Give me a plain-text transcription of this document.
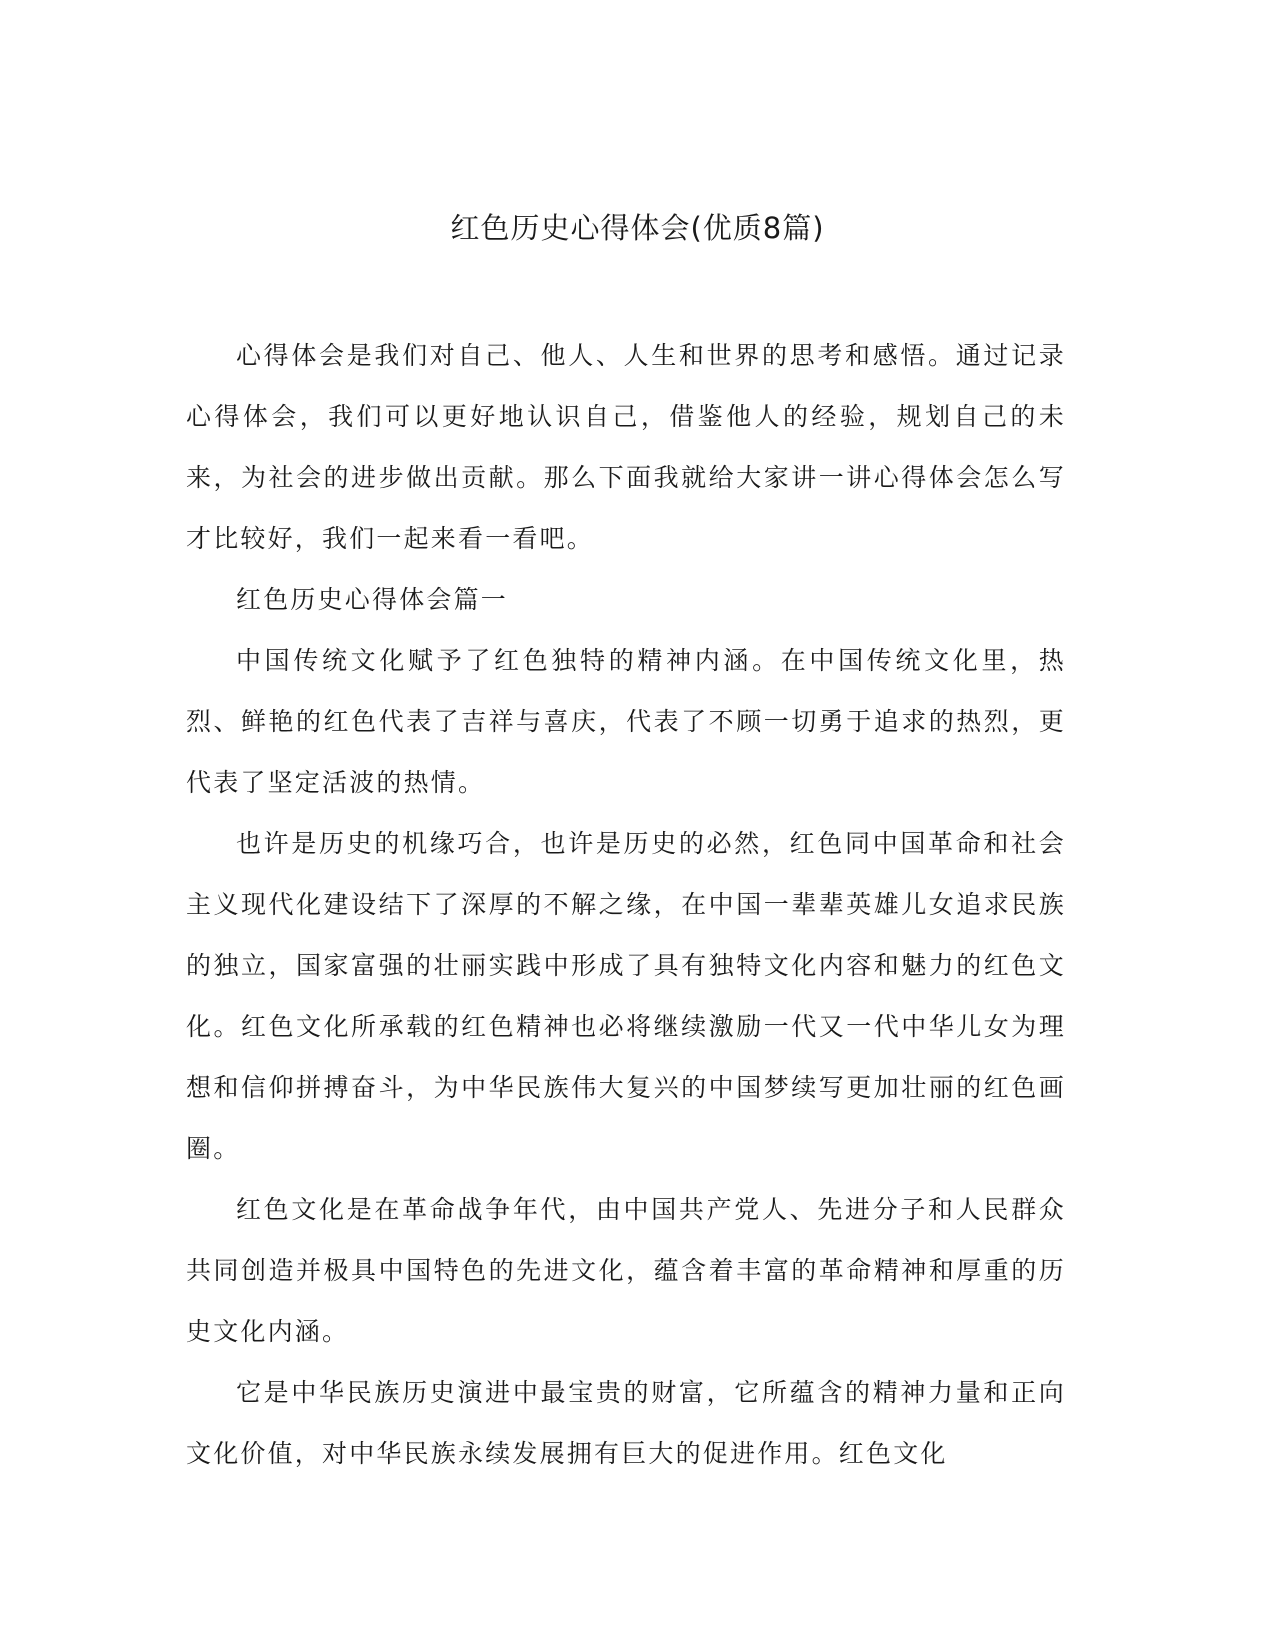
红色历史心得体会(优质8篇)

心得体会是我们对自己、他人、人生和世界的思考和感悟。通过记录心得体会，我们可以更好地认识自己，借鉴他人的经验，规划自己的未来，为社会的进步做出贡献。那么下面我就给大家讲一讲心得体会怎么写才比较好，我们一起来看一看吧。

红色历史心得体会篇一

中国传统文化赋予了红色独特的精神内涵。在中国传统文化里，热烈、鲜艳的红色代表了吉祥与喜庆，代表了不顾一切勇于追求的热烈，更代表了坚定活波的热情。

也许是历史的机缘巧合，也许是历史的必然，红色同中国革命和社会主义现代化建设结下了深厚的不解之缘，在中国一辈辈英雄儿女追求民族的独立，国家富强的壮丽实践中形成了具有独特文化内容和魅力的红色文化。红色文化所承载的红色精神也必将继续激励一代又一代中华儿女为理想和信仰拼搏奋斗，为中华民族伟大复兴的中国梦续写更加壮丽的红色画圈。

红色文化是在革命战争年代，由中国共产党人、先进分子和人民群众共同创造并极具中国特色的先进文化，蕴含着丰富的革命精神和厚重的历史文化内涵。

它是中华民族历史演进中最宝贵的财富，它所蕴含的精神力量和正向文化价值，对中华民族永续发展拥有巨大的促进作用。红色文化
